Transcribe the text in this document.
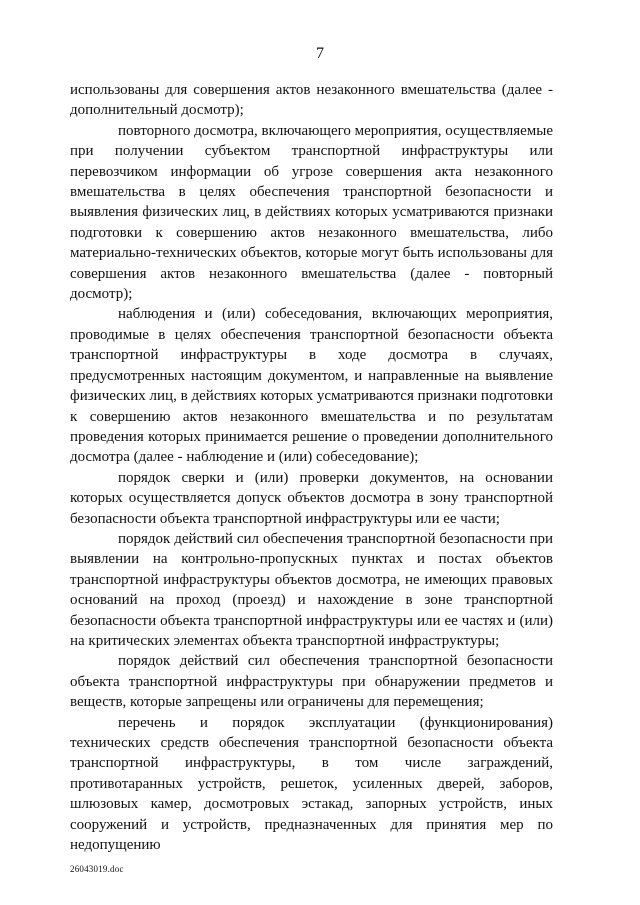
7

использованы для совершения актов незаконного вмешательства (далее - дополнительный досмотр);

повторного досмотра, включающего мероприятия, осуществляемые при получении субъектом транспортной инфраструктуры или перевозчиком информации об угрозе совершения акта незаконного вмешательства в целях обеспечения транспортной безопасности и выявления физических лиц, в действиях которых усматриваются признаки подготовки к совершению актов незаконного вмешательства, либо материально-технических объектов, которые могут быть использованы для совершения актов незаконного вмешательства (далее - повторный досмотр);

наблюдения и (или) собеседования, включающих мероприятия, проводимые в целях обеспечения транспортной безопасности объекта транспортной инфраструктуры в ходе досмотра в случаях, предусмотренных настоящим документом, и направленные на выявление физических лиц, в действиях которых усматриваются признаки подготовки к совершению актов незаконного вмешательства и по результатам проведения которых принимается решение о проведении дополнительного досмотра (далее - наблюдение и (или) собеседование);

порядок сверки и (или) проверки документов, на основании которых осуществляется допуск объектов досмотра в зону транспортной безопасности объекта транспортной инфраструктуры или ее части;

порядок действий сил обеспечения транспортной безопасности при выявлении на контрольно-пропускных пунктах и постах объектов транспортной инфраструктуры объектов досмотра, не имеющих правовых оснований на проход (проезд) и нахождение в зоне транспортной безопасности объекта транспортной инфраструктуры или ее частях и (или) на критических элементах объекта транспортной инфраструктуры;

порядок действий сил обеспечения транспортной безопасности объекта транспортной инфраструктуры при обнаружении предметов и веществ, которые запрещены или ограничены для перемещения;

перечень и порядок эксплуатации (функционирования) технических средств обеспечения транспортной безопасности объекта транспортной инфраструктуры, в том числе заграждений, противотаранных устройств, решеток, усиленных дверей, заборов, шлюзовых камер, досмотровых эстакад, запорных устройств, иных сооружений и устройств, предназначенных для принятия мер по недопущению

26043019.doc
